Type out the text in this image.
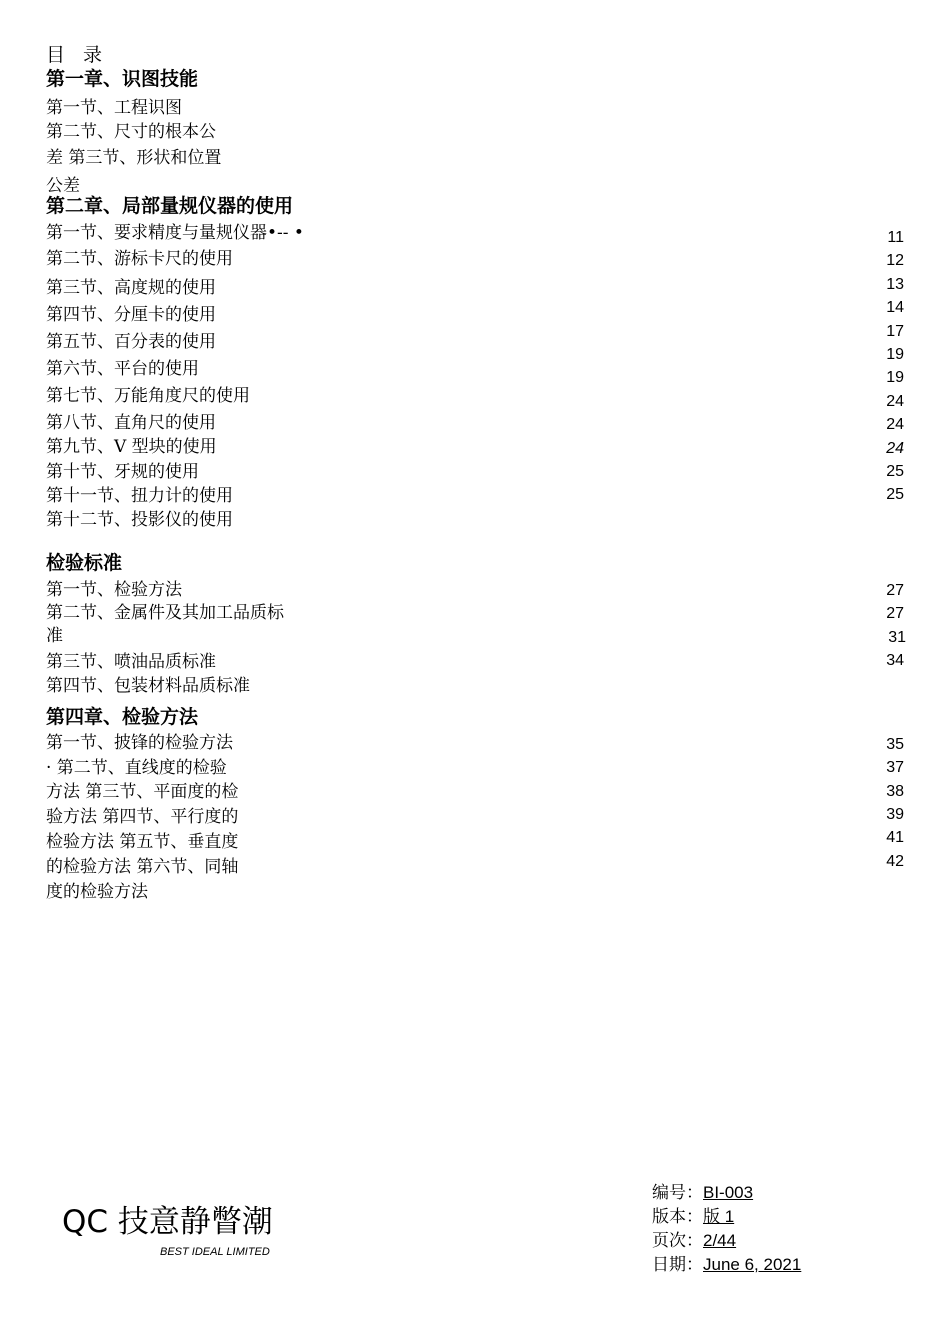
目 录
第一章、识图技能
第一节、工程识图
第二节、尺寸的根本公
差 第三节、形状和位置
公差
第二章、局部量规仪器的使用
第一节、要求精度与量规仪器•-- •
第二节、游标卡尺的使用
第三节、高度规的使用
第四节、分厘卡的使用
第五节、百分表的使用
第六节、平台的使用
第七节、万能角度尺的使用
第八节、直角尺的使用
第九节、V 型块的使用
第十节、牙规的使用
第十一节、扭力计的使用
第十二节、投影仪的使用
11
12
13
14
17
19
19
24
24
24
25
25
检验标准
第一节、检验方法
第二节、金属件及其加工品质标
准
第三节、喷油品质标准
第四节、包装材料品质标准
27
27
31
34
第四章、检验方法
第一节、披锋的检验方法
· 第二节、直线度的检验
方法 第三节、平面度的检
验方法 第四节、平行度的
检验方法 第五节、垂直度
的检验方法 第六节、同轴
度的检验方法
35
37
38
39
41
42
QC 技意静瞥潮
BEST IDEAL LIMITED
编号：BI-003
版本：版 1
页次：2/44
日期：June 6, 2021
